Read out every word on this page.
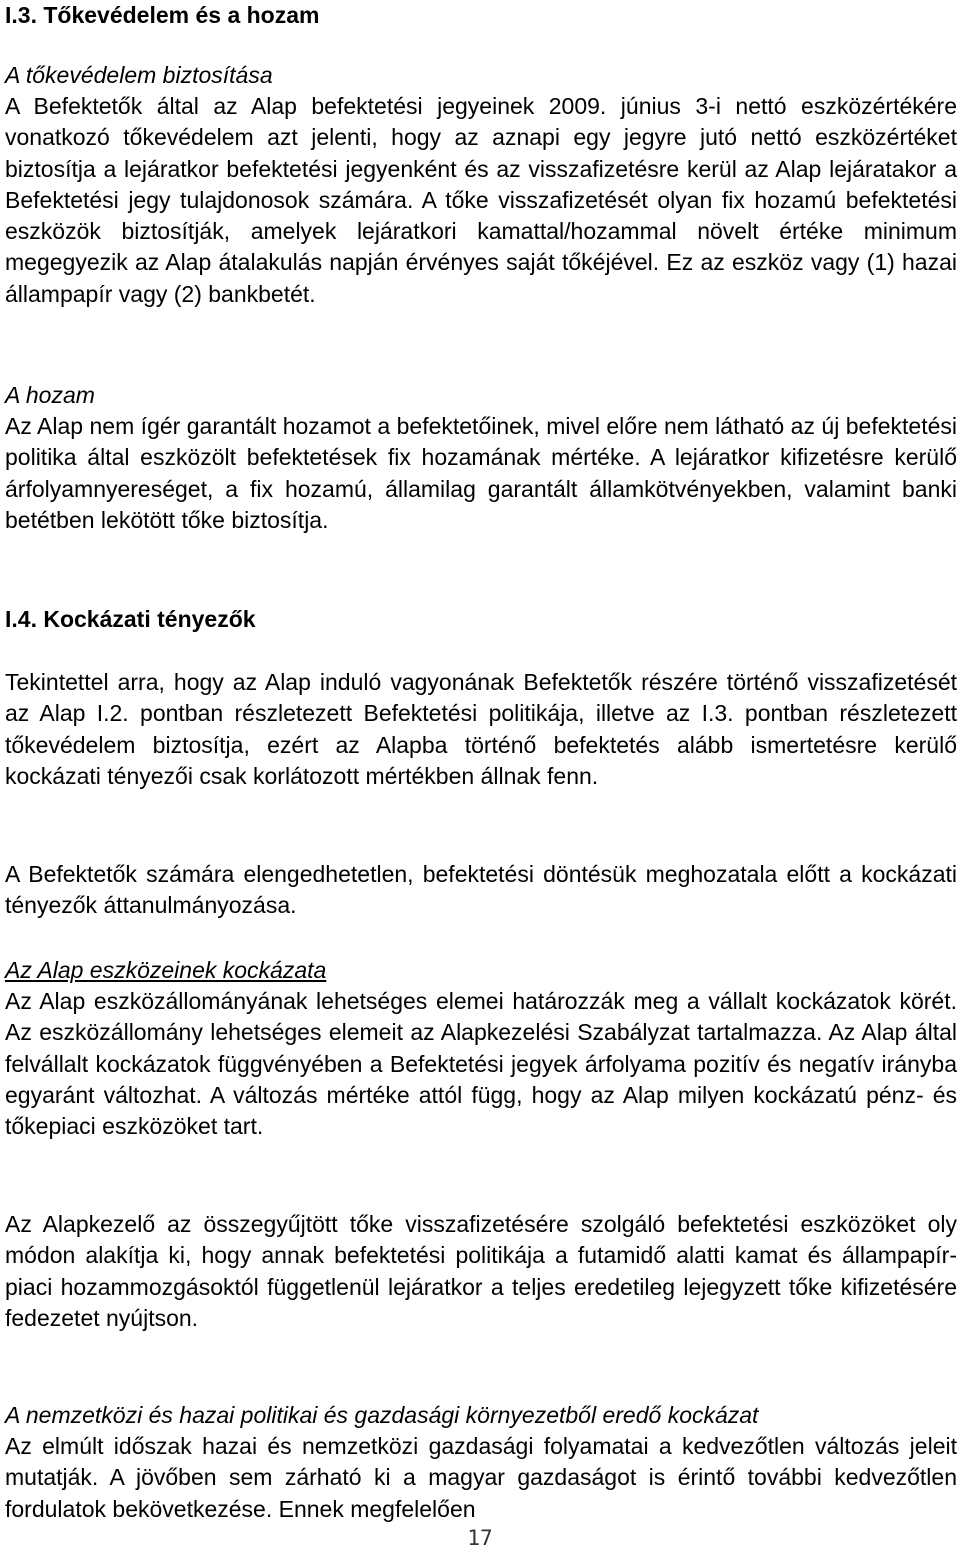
I.3. Tőkevédelem és a hozam

A tőkevédelem biztosítása

A Befektetők által az Alap befektetési jegyeinek 2009. június 3-i nettó eszközértékére vonatkozó tőkevédelem azt jelenti, hogy az aznapi egy jegyre jutó nettó eszközértéket biztosítja a lejáratkor befektetési jegyenként és az visszafizetésre kerül az Alap lejáratakor a Befektetési jegy tulajdonosok számára. A tőke visszafizetését olyan fix hozamú befektetési eszközök biztosítják, amelyek lejáratkori kamattal/hozammal növelt értéke minimum megegyezik az Alap átalakulás napján érvényes saját tőkéjével. Ez az eszköz vagy (1) hazai állampapír vagy (2) bankbetét.

A hozam

Az Alap nem ígér garantált hozamot a befektetőinek, mivel előre nem látható az új befektetési politika által eszközölt befektetések fix hozamának mértéke. A lejáratkor kifizetésre kerülő árfolyamnyereséget, a fix hozamú, államilag garantált államkötvényekben, valamint banki betétben lekötött tőke biztosítja.

I.4. Kockázati tényezők

Tekintettel arra, hogy az Alap induló vagyonának Befektetők részére történő visszafizetését az Alap I.2. pontban részletezett Befektetési politikája, illetve az I.3. pontban részletezett tőkevédelem biztosítja, ezért az Alapba történő befektetés alább ismertetésre kerülő kockázati tényezői csak korlátozott mértékben állnak fenn.

A Befektetők számára elengedhetetlen, befektetési döntésük meghozatala előtt a kockázati tényezők áttanulmányozása.

Az Alap eszközeinek kockázata

Az Alap eszközállományának lehetséges elemei határozzák meg a vállalt kockázatok körét. Az eszközállomány lehetséges elemeit az Alapkezelési Szabályzat tartalmazza. Az Alap által felvállalt kockázatok függvényében a Befektetési jegyek árfolyama pozitív és negatív irányba egyaránt változhat. A változás mértéke attól függ, hogy az Alap milyen kockázatú pénz- és tőkepiaci eszközöket tart.

Az Alapkezelő az összegyűjtött tőke visszafizetésére szolgáló befektetési eszközöket oly módon alakítja ki, hogy annak befektetési politikája a futamidő alatti kamat és állampapír-piaci hozammozgásoktól függetlenül lejáratkor a teljes eredetileg lejegyzett tőke kifizetésére fedezetet nyújtson.

A nemzetközi és hazai politikai és gazdasági környezetből eredő kockázat

Az elmúlt időszak hazai és nemzetközi gazdasági folyamatai a kedvezőtlen változás jeleit mutatják. A jövőben sem zárható ki a magyar gazdaságot is érintő további kedvezőtlen fordulatok bekövetkezése. Ennek megfelelően

17
